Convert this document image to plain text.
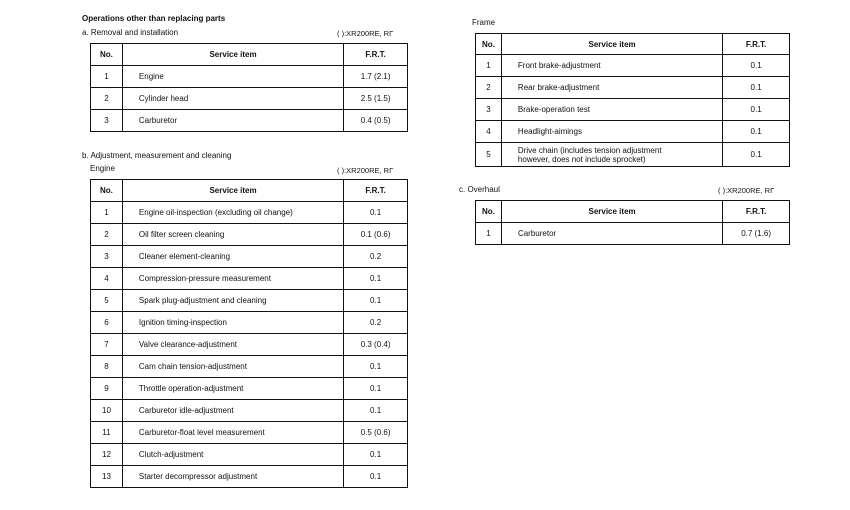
Operations other than replacing parts
a. Removal and installation	( ):XR200RΕ, RΓ
No.	Service item	F.R.T.
1	Engine	1.7 (2.1)
2	Cylinder head	2.5 (1.5)
3	Carburetor	0.4 (0.5)
b. Adjustment, measurement and cleaning
Engine	( ):XR200RΕ, RΓ
No.	Service item	F.R.T.
1	Engine oil-inspection (excluding oil change)	0.1
2	Oil filter screen cleaning	0.1 (0.6)
3	Cleaner element-cleaning	0.2
4	Compression-pressure measurement	0.1
5	Spark plug-adjustment and cleaning	0.1
6	Ignition timing-inspection	0.2
7	Valve clearance-adjustment	0.3 (0.4)
8	Cam chain tension-adjustment	0.1
9	Throttle operation-adjustment	0.1
10	Carburetor idle-adjustment	0.1
11	Carburetor-float level measurement	0.5 (0.6)
12	Clutch-adjustment	0.1
13	Starter decompressor adjustment	0.1
Frame
No.	Service item	F.R.T.
1	Front brake-adjustment	0.1
2	Rear brake-adjustment	0.1
3	Brake-operation test	0.1
4	Headlight-aimings	0.1
5	Drive chain (includes tension adjustment however, does not include sprocket)	0.1
c. Overhaul	( ):XR200RΕ, RΓ
No.	Service item	F.R.T.
1	Carburetor	0.7 (1.6)
